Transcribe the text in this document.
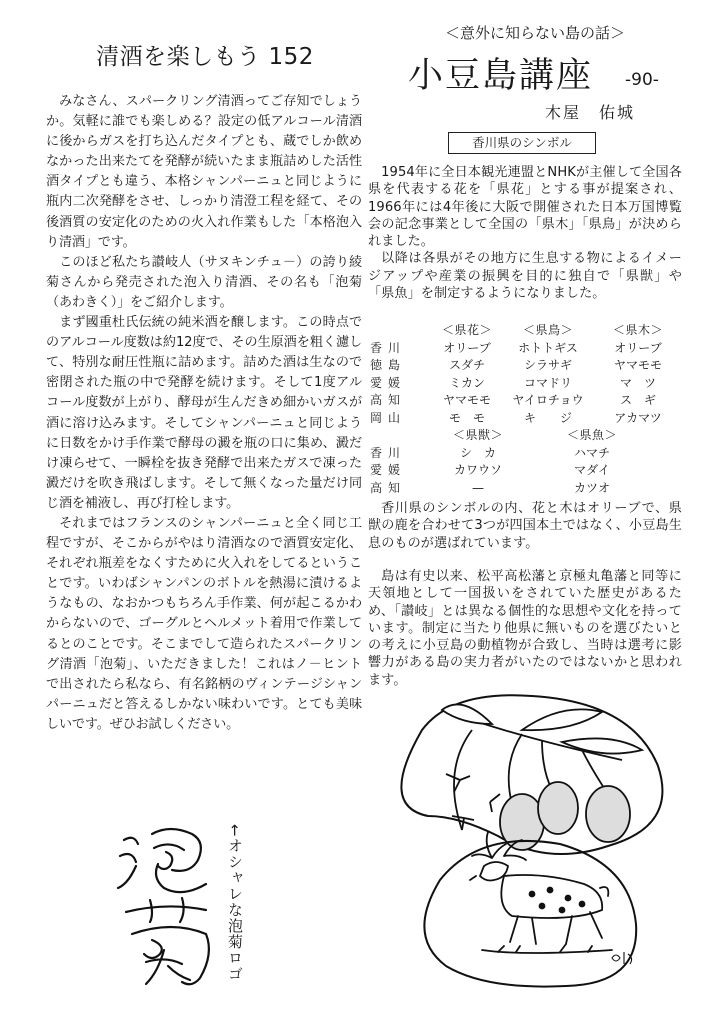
清酒を楽しもう 152

みなさん、スパークリング清酒ってご存知でしょうか。気軽に誰でも楽しめる？設定の低アルコール清酒に後からガスを打ち込んだタイプとも、蔵でしか飲めなかった出来たてを発酵が続いたまま瓶詰めした活性酒タイプとも違う、本格シャンパーニュと同じように瓶内二次発酵をさせ、しっかり清澄工程を経て、その後酒質の安定化のための火入れ作業もした「本格泡入り清酒」です。

このほど私たち讃岐人（サヌキンチュ－）の誇り綾菊さんから発売された泡入り清酒、その名も「泡菊（あわきく）」をご紹介します。

まず國重杜氏伝統の純米酒を醸します。この時点でのアルコール度数は約12度で、その生原酒を粗く濾して、特別な耐圧性瓶に詰めます。詰めた酒は生なので密閉された瓶の中で発酵を続けます。そして1度アルコール度数が上がり、酵母が生んだきめ細かいガスが酒に溶け込みます。そしてシャンパーニュと同じように日数をかけ手作業で酵母の澱を瓶の口に集め、澱だけ凍らせて、一瞬栓を抜き発酵で出来たガスで凍った澱だけを吹き飛ばします。そして無くなった量だけ同じ酒を補液し、再び打栓します。

それまではフランスのシャンパーニュと全く同じ工程ですが、そこからがやはり清酒なので酒質安定化、それぞれ瓶差をなくすために火入れをしてるということです。いわばシャンパンのボトルを熱湯に漬けるようなもの、なおかつもちろん手作業、何が起こるかわからないので、ゴーグルとヘルメット着用で作業してるとのことです。そこまでして造られたスパークリング清酒「泡菊」、いただきました！これはノ－ヒントで出されたら私なら、有名銘柄のヴィンテージシャンパーニュだと答えるしかない味わいです。とても美味しいです。ぜひお試しください。

←オシャレな泡菊ロゴ
＜意外に知らない島の話＞
小豆島講座 -90-
木屋　佑城
香川県のシンボル

1954年に全日本観光連盟とNHKが主催して全国各県を代表する花を「県花」とする事が提案され、1966年には4年後に大阪で開催された日本万国博覧会の記念事業として全国の「県木」「県鳥」が決められました。

以降は各県がその地方に生息する物によるイメージアップや産業の振興を目的に独自で「県獣」や「県魚」を制定するようになりました。

	＜県花＞	＜県鳥＞	＜県木＞
香川	オリーブ	ホトトギス	オリーブ
徳島	スダチ	シラサギ	ヤマモモ
愛媛	ミカン	コマドリ	マ　ツ
高知	ヤマモモ	ヤイロチョウ	ス　ギ
岡山	モ　モ	キ　　ジ	アカマツ
	＜県獣＞	＜県魚＞
香川	シ　カ	ハマチ
愛媛	カワウソ	マダイ
高知	—	カツオ

香川県のシンボルの内、花と木はオリーブで、県獣の鹿を合わせて3つが四国本土ではなく、小豆島生息のものが選ばれています。

島は有史以来、松平高松藩と京極丸亀藩と同等に天領地として一国扱いをされていた歴史があるため、「讃岐」とは異なる個性的な思想や文化を持っています。制定に当たり他県に無いものを選びたいとの考えに小豆島の動植物が合致し、当時は選考に影響力がある島の実力者がいたのではないかと思われます。
